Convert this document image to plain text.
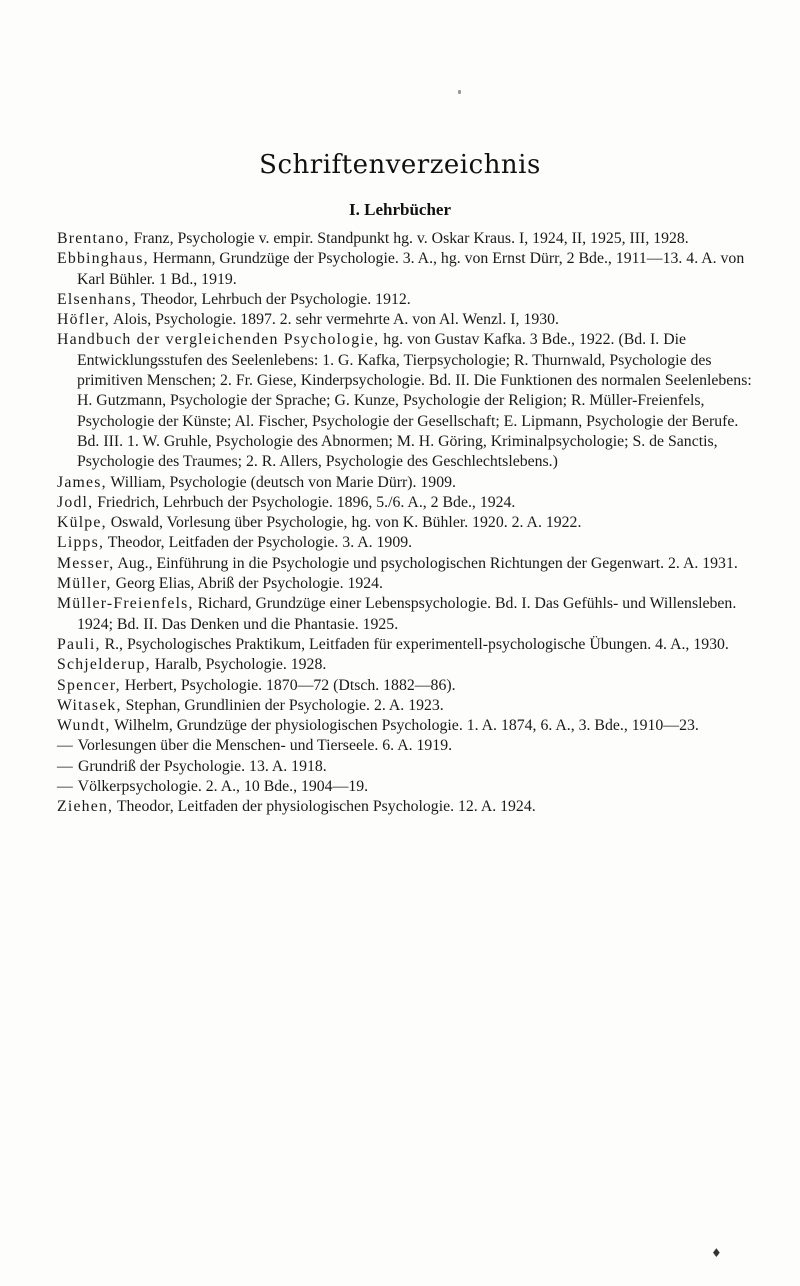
Schriftenverzeichnis
I. Lehrbücher
Brentano, Franz, Psychologie v. empir. Standpunkt hg. v. Oskar Kraus. I, 1924, II, 1925, III, 1928.
Ebbinghaus, Hermann, Grundzüge der Psychologie. 3. A., hg. von Ernst Dürr, 2 Bde., 1911—13. 4. A. von Karl Bühler. 1 Bd., 1919.
Elsenhans, Theodor, Lehrbuch der Psychologie. 1912.
Höfler, Alois, Psychologie. 1897. 2. sehr vermehrte A. von Al. Wenzl. I, 1930.
Handbuch der vergleichenden Psychologie, hg. von Gustav Kafka. 3 Bde., 1922. (Bd. I. Die Entwicklungsstufen des Seelenlebens: 1. G. Kafka, Tierpsychologie; R. Thurnwald, Psychologie des primitiven Menschen; 2. Fr. Giese, Kinderpsychologie. Bd. II. Die Funktionen des normalen Seelenlebens: H. Gutzmann, Psychologie der Sprache; G. Kunze, Psychologie der Religion; R. Müller-Freienfels, Psychologie der Künste; Al. Fischer, Psychologie der Gesellschaft; E. Lipmann, Psychologie der Berufe. Bd. III. 1. W. Gruhle, Psychologie des Abnormen; M. H. Göring, Kriminalpsychologie; S. de Sanctis, Psychologie des Traumes; 2. R. Allers, Psychologie des Geschlechtslebens.)
James, William, Psychologie (deutsch von Marie Dürr). 1909.
Jodl, Friedrich, Lehrbuch der Psychologie. 1896, 5./6. A., 2 Bde., 1924.
Külpe, Oswald, Vorlesung über Psychologie, hg. von K. Bühler. 1920. 2. A. 1922.
Lipps, Theodor, Leitfaden der Psychologie. 3. A. 1909.
Messer, Aug., Einführung in die Psychologie und psychologischen Richtungen der Gegenwart. 2. A. 1931.
Müller, Georg Elias, Abriß der Psychologie. 1924.
Müller-Freienfels, Richard, Grundzüge einer Lebenspsychologie. Bd. I. Das Gefühls- und Willensleben. 1924; Bd. II. Das Denken und die Phantasie. 1925.
Pauli, R., Psychologisches Praktikum, Leitfaden für experimentell-psychologische Übungen. 4. A., 1930.
Schjelderup, Haralb, Psychologie. 1928.
Spencer, Herbert, Psychologie. 1870—72 (Dtsch. 1882—86).
Witasek, Stephan, Grundlinien der Psychologie. 2. A. 1923.
Wundt, Wilhelm, Grundzüge der physiologischen Psychologie. 1. A. 1874, 6. A., 3. Bde., 1910—23.
— Vorlesungen über die Menschen- und Tierseele. 6. A. 1919.
— Grundriß der Psychologie. 13. A. 1918.
— Völkerpsychologie. 2. A., 10 Bde., 1904—19.
Ziehen, Theodor, Leitfaden der physiologischen Psychologie. 12. A. 1924.
♦
